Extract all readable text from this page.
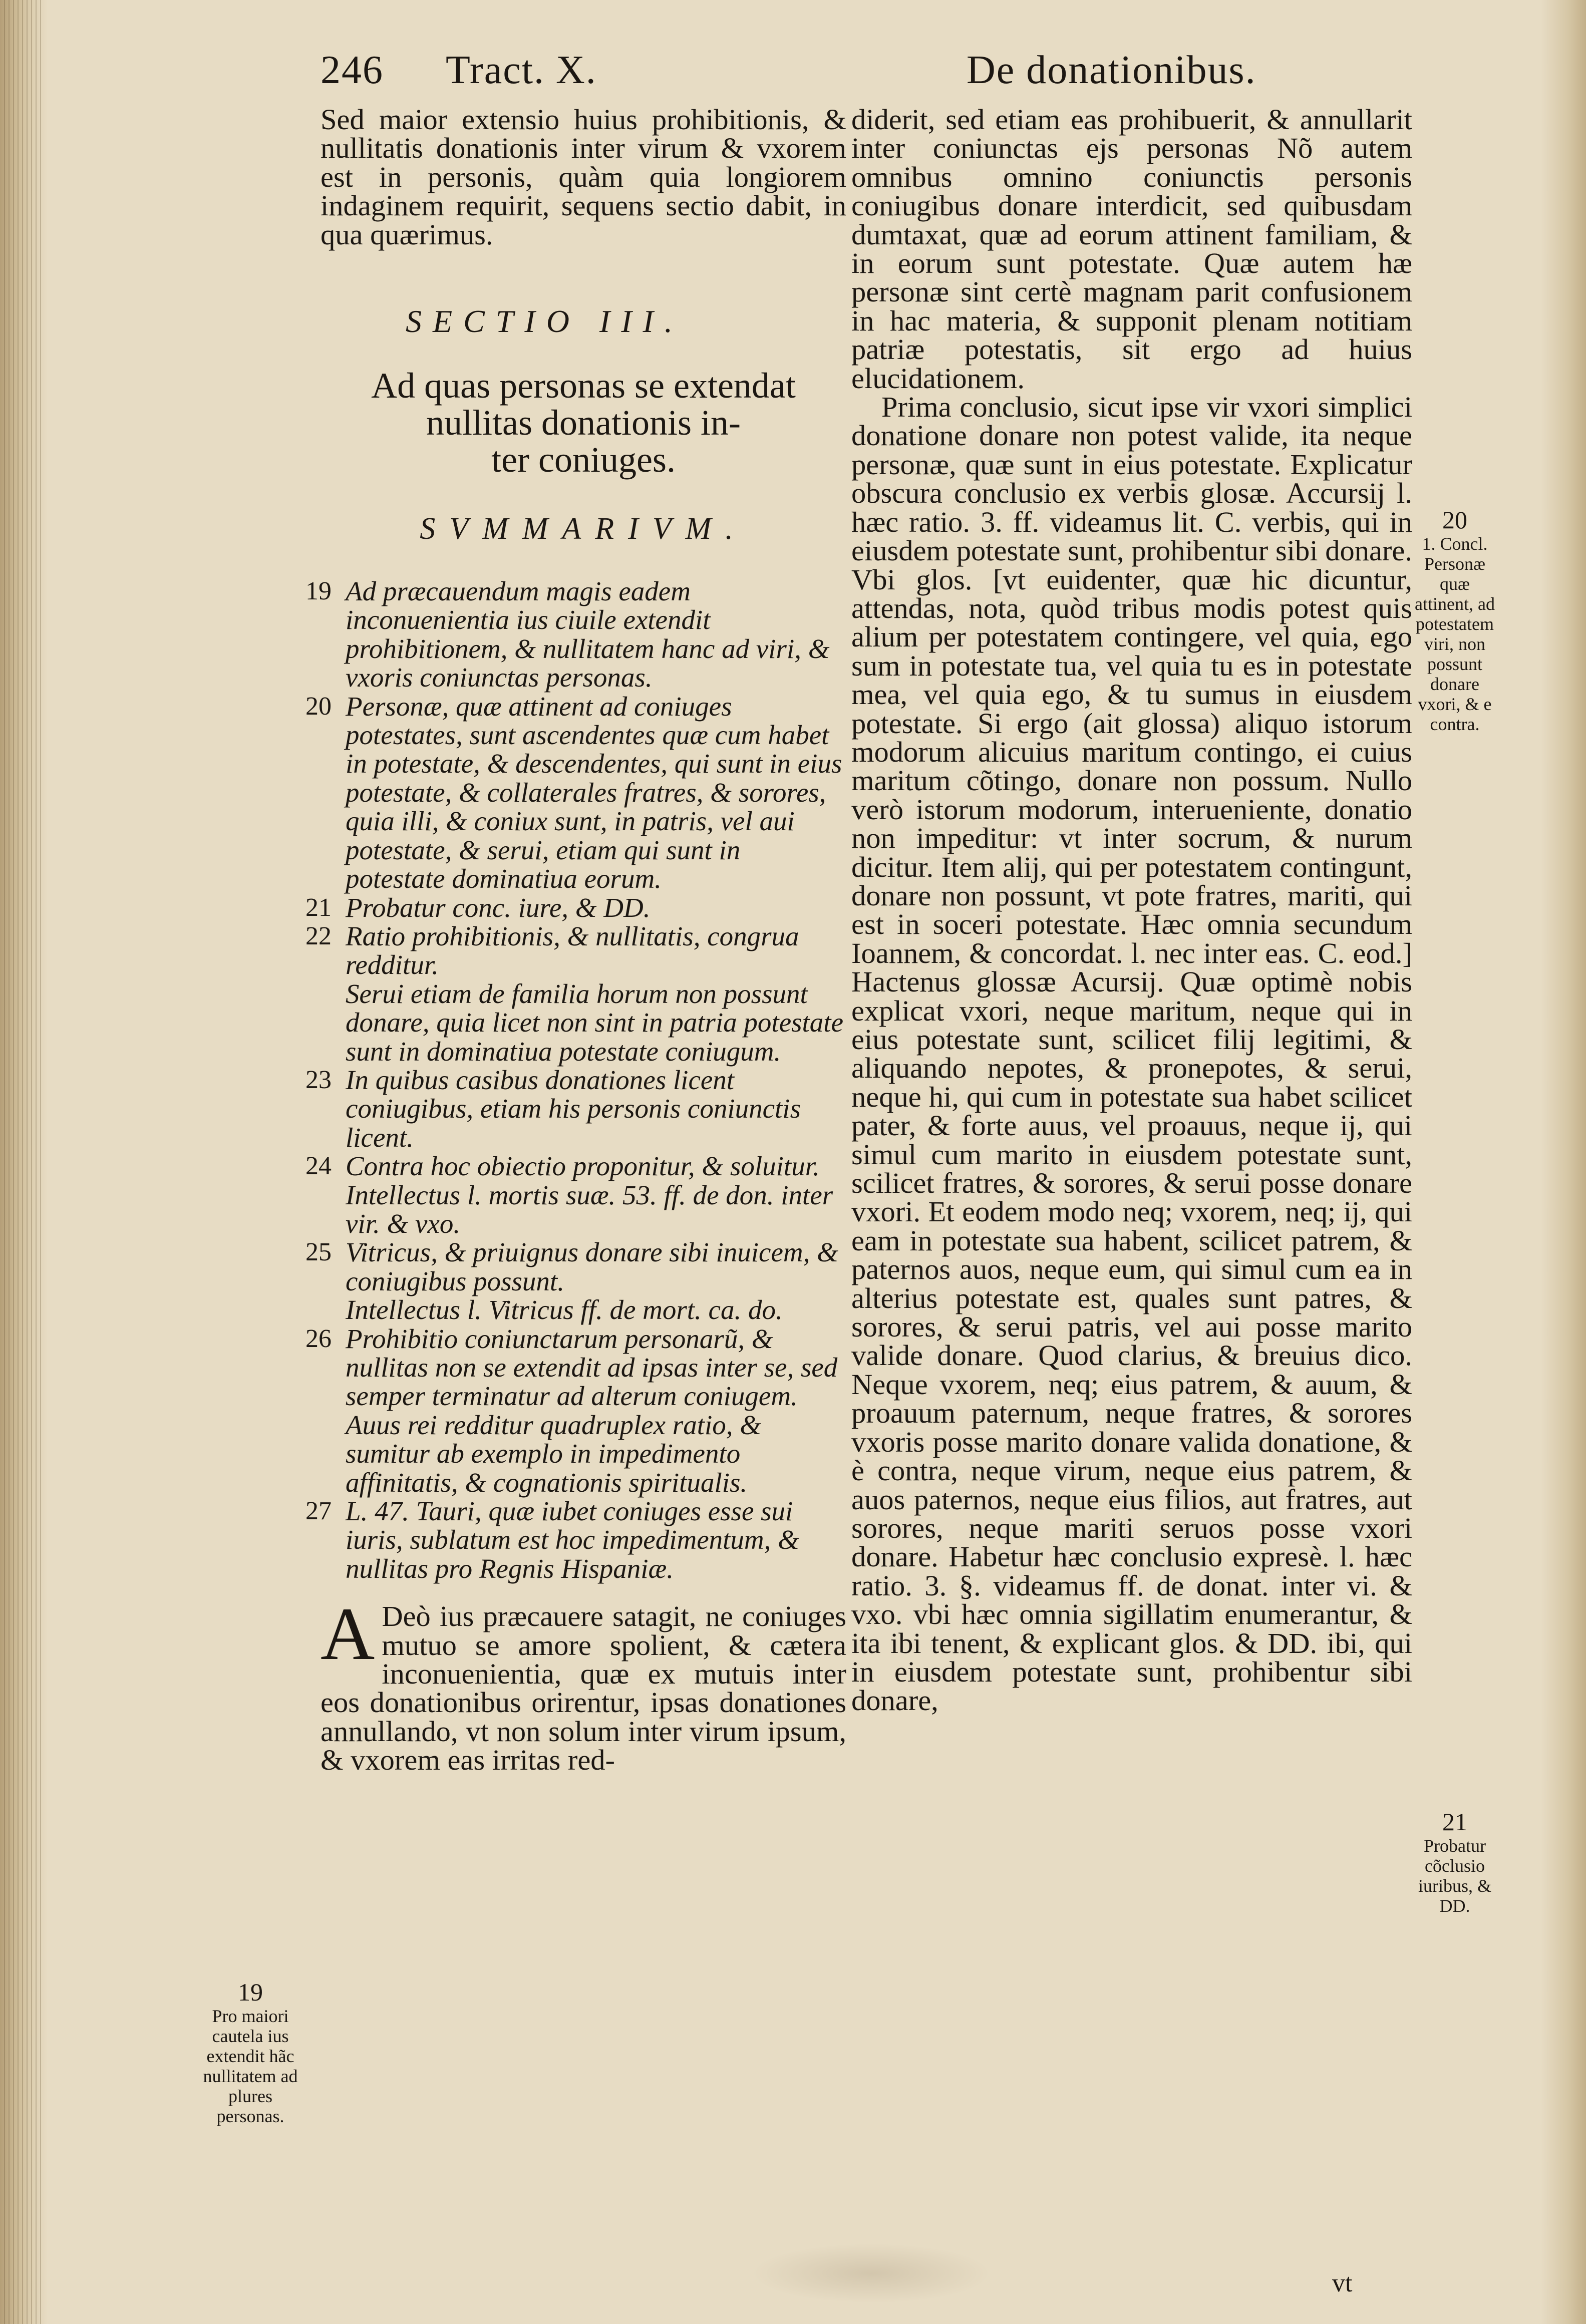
246 Tract. X.	De donationibus.

Sed maior extensio huius prohibitionis, & nullitatis donationis inter virum & vxorem est in personis, quàm quia longiorem indaginem requirit, sequens sectio dabit, in qua quærimus.

SECTIO III.
Ad quas personas se extendat
nullitas donationis in-
ter coniuges.
SVMMARIVM.

19 Ad præcauendum magis eadem inconuenientia ius ciuile extendit prohibitionem, & nullitatem hanc ad viri, & vxoris coniunctas personas.

20 Personæ, quæ attinent ad coniuges potestates, sunt ascendentes quæ cum habet in potestate, & descendentes, qui sunt in eius potestate, & collaterales fratres, & sorores, quia illi, & coniux sunt, in patris, vel aui potestate, & serui, etiam qui sunt in potestate dominatiua eorum.

21 Probatur conc. iure, & DD.

22 Ratio prohibitionis, & nullitatis, congrua redditur.

Serui etiam de familia horum non possunt donare, quia licet non sint in patria potestate sunt in dominatiua potestate coniugum.

23 In quibus casibus donationes licent coniugibus, etiam his personis coniunctis licent.

24 Contra hoc obiectio proponitur, & soluitur. Intellectus l. mortis suæ. 53. ff. de don. inter vir. & vxo.

25 Vitricus, & priuignus donare sibi inuicem, & coniugibus possunt.

Intellectus l. Vitricus ff. de mort. ca. do.

26 Prohibitio coniunctarum personarũ, & nullitas non se extendit ad ipsas inter se, sed semper terminatur ad alterum coniugem.

Auus rei redditur quadruplex ratio, & sumitur ab exemplo in impedimento affinitatis, & cognationis spiritualis.

27 L. 47. Tauri, quæ iubet coniuges esse sui iuris, sublatum est hoc impedimentum, & nullitas pro Regnis Hispaniæ.

A Deò ius præcauere satagit, ne coniuges mutuo se amore spolient, & cætera inconuenientia, quæ ex mutuis inter eos donationibus orirentur, ipsas donationes annullando, vt non solum inter virum ipsum, & vxorem eas irritas red-

diderit, sed etiam eas prohibuerit, & annullarit inter coniunctas ejs personas Nõ autem omnibus omnino coniunctis personis coniugibus donare interdicit, sed quibusdam dumtaxat, quæ ad eorum attinent familiam, & in eorum sunt potestate. Quæ autem hæ personæ sint certè magnam parit confusionem in hac materia, & supponit plenam notitiam patriæ potestatis, sit ergo ad huius elucidationem.

Prima conclusio, sicut ipse vir vxori simplici donatione donare non potest valide, ita neque personæ, quæ sunt in eius potestate. Explicatur obscura conclusio ex verbis glosæ. Accursij l. hæc ratio. 3. ff. videamus lit. C. verbis, qui in eiusdem potestate sunt, prohibentur sibi donare. Vbi glos. [vt euidenter, quæ hic dicuntur, attendas, nota, quòd tribus modis potest quis alium per potestatem contingere, vel quia, ego sum in potestate tua, vel quia tu es in potestate mea, vel quia ego, & tu sumus in eiusdem potestate. Si ergo (ait glossa) aliquo istorum modorum alicuius maritum contingo, ei cuius maritum cõtingo, donare non possum. Nullo verò istorum modorum, interueniente, donatio non impeditur: vt inter socrum, & nurum dicitur. Item alij, qui per potestatem contingunt, donare non possunt, vt pote fratres, mariti, qui est in soceri potestate. Hæc omnia secundum Ioannem, & concordat. l. nec inter eas. C. eod.] Hactenus glossæ Acursij. Quæ optimè nobis explicat vxori, neque maritum, neque qui in eius potestate sunt, scilicet filij legitimi, & aliquando nepotes, & pronepotes, & serui, neque hi, qui cum in potestate sua habet scilicet pater, & forte auus, vel proauus, neque ij, qui simul cum marito in eiusdem potestate sunt, scilicet fratres, & sorores, & serui posse donare vxori. Et eodem modo neq; vxorem, neq; ij, qui eam in potestate sua habent, scilicet patrem, & paternos auos, neque eum, qui simul cum ea in alterius potestate est, quales sunt patres, & sorores, & serui patris, vel aui posse marito valide donare. Quod clarius, & breuius dico. Neque vxorem, neq; eius patrem, & auum, & proauum paternum, neque fratres, & sorores vxoris posse marito donare valida donatione, & è contra, neque virum, neque eius patrem, & auos paternos, neque eius filios, aut fratres, aut sorores, neque mariti seruos posse vxori donare. Habetur hæc conclusio expresè. l. hæc ratio. 3. §. videamus ff. de donat. inter vi. & vxo. vbi hæc omnia sigillatim enumerantur, & ita ibi tenent, & explicant glos. & DD. ibi, qui in eiusdem potestate sunt, prohibentur sibi donare,

vt
19
Pro maiori cautela ius extendit hãc nullitatem ad plures personas.
20
1. Concl. Personæ quæ attinent, ad potestatem viri, non possunt donare vxori, & e contra.
21
Probatur cõclusio iuribus, & DD.
